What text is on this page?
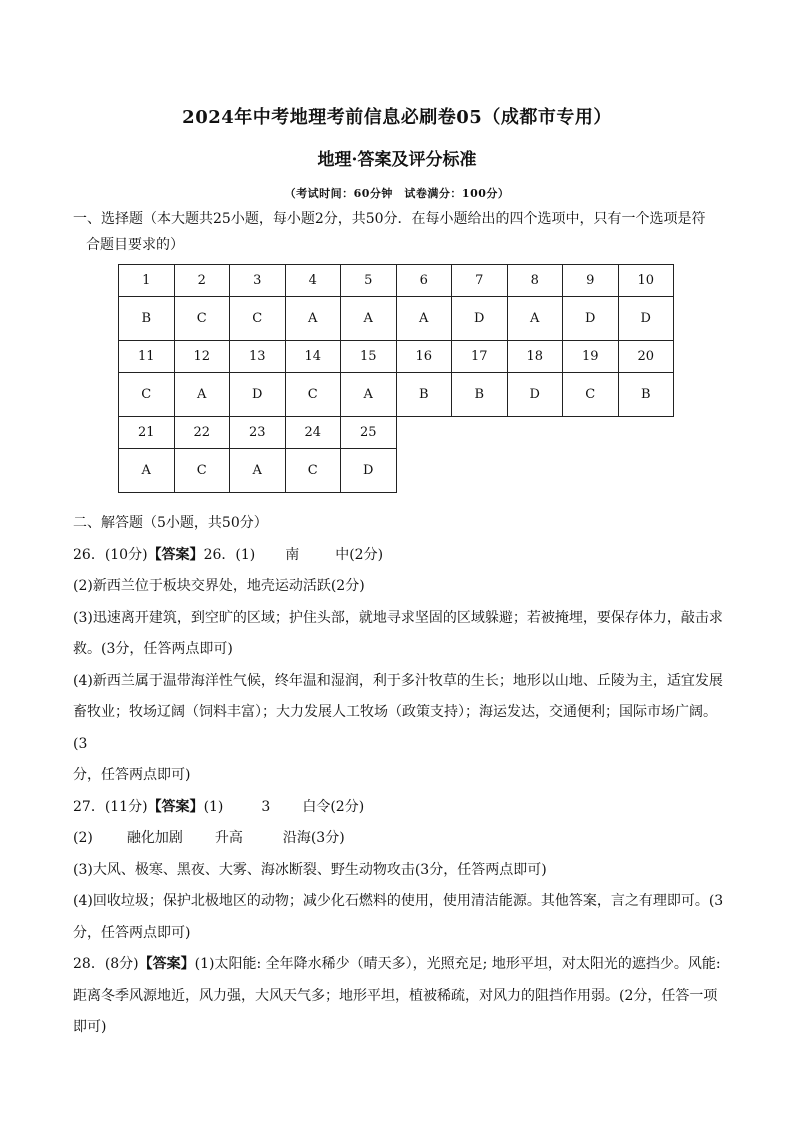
2024年中考地理考前信息必刷卷05（成都市专用）
地理·答案及评分标准
（考试时间：60分钟　试卷满分：100分）
一、选择题（本大题共25小题，每小题2分，共50分．在每小题给出的四个选项中，只有一个选项是符
合题目要求的）
1	2	3	4	5	6	7	8	9	10
B	C	C	A	A	A	D	A	D	D
11	12	13	14	15	16	17	18	19	20
C	A	D	C	A	B	B	D	C	B
21	22	23	24	25					
A	C	A	C	D					

二、解答题（5小题，共50分）

26．(10分)【答案】26．(1) 南	中(2分)

(2)新西兰位于板块交界处，地壳运动活跃(2分)

(3)迅速离开建筑，到空旷的区域；护住头部，就地寻求坚固的区域躲避；若被掩埋，要保存体力，敲击求

救。(3分，任答两点即可)

(4)新西兰属于温带海洋性气候，终年温和湿润，利于多汁牧草的生长；地形以山地、丘陵为主，适宜发展

畜牧业；牧场辽阔（饲料丰富）；大力发展人工牧场（政策支持）；海运发达，交通便利；国际市场广阔。(3

分，任答两点即可)

27．(11分)【答案】(1)	3 白令(2分)

(2) 融化加剧 升高	沿海(3分)

(3)大风、极寒、黑夜、大雾、海冰断裂、野生动物攻击(3分，任答两点即可)

(4)回收垃圾；保护北极地区的动物；减少化石燃料的使用，使用清洁能源。其他答案，言之有理即可。(3

分，任答两点即可)

28．(8分)【答案】(1)太阳能: 全年降水稀少（晴天多），光照充足; 地形平坦，对太阳光的遮挡少。风能:

距离冬季风源地近，风力强，大风天气多；地形平坦，植被稀疏，对风力的阻挡作用弱。(2分，任答一项

即可)
